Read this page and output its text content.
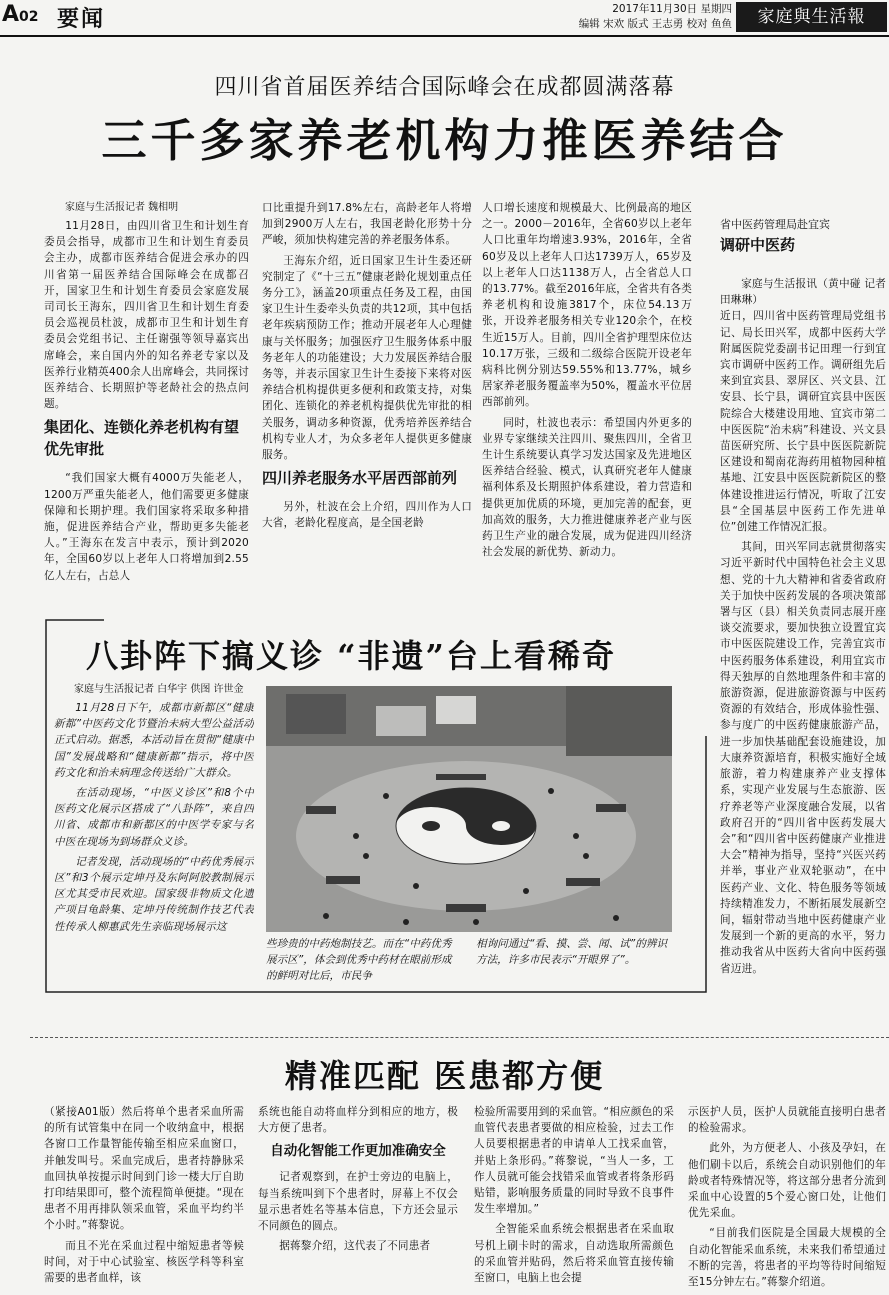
A02 要闻	2017年11月30日 星期四
编辑 宋欢 版式 王志勇 校对 鱼鱼	家庭與生活報
四川省首届医养结合国际峰会在成都圆满落幕
三千多家养老机构力推医养结合

家庭与生活报记者 魏相明

11月28日，由四川省卫生和计划生育委员会指导，成都市卫生和计划生育委员会主办，成都市医养结合促进会承办的四川省第一届医养结合国际峰会在成都召开，国家卫生和计划生育委员会家庭发展司司长王海东，四川省卫生和计划生育委员会巡视员杜波，成都市卫生和计划生育委员会党组书记、主任谢强等领导嘉宾出席峰会，来自国内外的知名养老专家以及医养行业精英400余人出席峰会，共同探讨医养结合、长期照护等老龄社会的热点问题。

集团化、连锁化养老机构有望优先审批

“我们国家大概有4000万失能老人，1200万严重失能老人，他们需要更多健康保障和长期护理。我们国家将采取多种措施，促进医养结合产业，帮助更多失能老人。”王海东在发言中表示，预计到2020年，全国60岁以上老年人口将增加到2.55亿人左右，占总人

口比重提升到17.8%左右，高龄老年人将增加到2900万人左右，我国老龄化形势十分严峻，须加快构建完善的养老服务体系。

王海东介绍，近日国家卫生计生委还研究制定了《“十三五”健康老龄化规划重点任务分工》，涵盖20项重点任务及工程，由国家卫生计生委牵头负责的共12项，其中包括老年疾病预防工作；推动开展老年人心理健康与关怀服务；加强医疗卫生服务体系中服务老年人的功能建设；大力发展医养结合服务等，并表示国家卫生计生委接下来将对医养结合机构提供更多便利和政策支持，对集团化、连锁化的养老机构提供优先审批的相关服务，调动多种资源，优秀培养医养结合机构专业人才，为众多老年人提供更多健康服务。

四川养老服务水平居西部前列

另外，杜波在会上介绍，四川作为人口大省，老龄化程度高，是全国老龄

人口增长速度和规模最大、比例最高的地区之一。2000－2016年，全省60岁以上老年人口比重年均增速3.93%，2016年，全省60岁及以上老年人口达1739万人，65岁及以上老年人口达1138万人，占全省总人口的13.77%。截至2016年底，全省共有各类养老机构和设施3817个，床位54.13万张，开设养老服务相关专业120余个，在校生近15万人。目前，四川全省护理型床位达10.17万张，三级和二级综合医院开设老年病科比例分别达59.55%和13.77%，城乡居家养老服务覆盖率为50%，覆盖水平位居西部前列。

同时，杜波也表示：希望国内外更多的业界专家继续关注四川、聚焦四川，全省卫生计生系统要认真学习发达国家及先进地区医养结合经验、模式，认真研究老年人健康福利体系及长期照护体系建设，着力营造和提供更加优质的环境，更加完善的配套，更加高效的服务，大力推进健康养老产业与医药卫生产业的融合发展，成为促进四川经济社会发展的新优势、新动力。

省中医药管理局赴宜宾
调研中医药

家庭与生活报讯（黄中碰 记者 田琳琳）

近日，四川省中医药管理局党组书记、局长田兴军，成都中医药大学附属医院党委副书记田理一行到宜宾市调研中医药工作。调研组先后来到宜宾县、翠屏区、兴文县、江安县、长宁县，调研宜宾县中医医院综合大楼建设用地、宜宾市第二中医医院“治未病”科建设、兴文县苗医研究所、长宁县中医医院新院区建设和蜀南花海药用植物园种植基地、江安县中医医院新院区的整体建设推进运行情况，听取了江安县“全国基层中医药工作先进单位”创建工作情况汇报。

其间，田兴军同志就贯彻落实习近平新时代中国特色社会主义思想、党的十九大精神和省委省政府关于加快中医药发展的各项决策部署与区（县）相关负责同志展开座谈交流要求，要加快独立设置宜宾市中医医院建设工作，完善宜宾市中医药服务体系建设，利用宜宾市得天独厚的自然地理条件和丰富的旅游资源，促进旅游资源与中医药资源的有效结合，形成体验性强、参与度广的中医药健康旅游产品，进一步加快基础配套设施建设，加大康养资源培育，积极实施好全域旅游，着力构建康养产业支撑体系，实现产业发展与生态旅游、医疗养老等产业深度融合发展，以省政府召开的“四川省中医药发展大会”和“四川省中医药健康产业推进大会”精神为指导，坚持“兴医兴药并举，事业产业双轮驱动”，在中医药产业、文化、特色服务等领域持续精准发力，不断拓展发展新空间，辐射带动当地中医药健康产业发展到一个新的更高的水平，努力推动我省从中医药大省向中医药强省迈进。

八卦阵下搞义诊 “非遗”台上看稀奇

家庭与生活报记者 白华宇 供图 许世金

11月28日下午，成都市新都区“健康新都”中医药文化节暨治未病大型公益活动正式启动。据悉，本活动旨在贯彻“健康中国”发展战略和“健康新都”指示，将中医药文化和治未病理念传送给广大群众。

在活动现场，“中医义诊区”和8个中医药文化展示区搭成了“八卦阵”，来自四川省、成都市和新都区的中医学专家与名中医在现场为到场群众义诊。

记者发现，活动现场的“中药优秀展示区”和3个展示定坤丹及东阿阿胶教制展示区尤其受市民欢迎。国家级非物质文化遗产项目龟龄集、定坤丹传统制作技艺代表性传承人柳惠武先生亲临现场展示这

些珍贵的中药炮制技艺。而在“中药优秀展示区”，体会到优秀中药材在眼前形成的鲜明对比后，市民争
相询问通过“看、摸、尝、闻、试”的辨识方法，许多市民表示“开眼界了”。
精准匹配 医患都方便

（紧接A01版）然后将单个患者采血所需的所有试管集中在同一个收纳盒中，根据各窗口工作量智能传输至相应采血窗口，并触发叫号。采血完成后，患者持静脉采血回执单按提示时间到门诊一楼大厅自助打印结果即可，整个流程简单便捷。“现在患者不用再排队领采血管，采血平均约半个小时。”蒋黎说。

而且不光在采血过程中缩短患者等候时间，对于中心试验室、核医学科等科室需要的患者血样，该

系统也能自动将血样分到相应的地方，极大方便了患者。

自动化智能工作更加准确安全

记者观察到，在护士旁边的电脑上，每当系统叫到下个患者时，屏幕上不仅会显示患者姓名等基本信息，下方还会显示不同颜色的圆点。

据蒋黎介绍，这代表了不同患者

检验所需要用到的采血管。“相应颜色的采血管代表患者要做的相应检验，过去工作人员要根据患者的申请单人工找采血管，并贴上条形码。”蒋黎说，“当人一多，工作人员就可能会找错采血管或者将条形码贴错，影响服务质量的同时导致不良事件发生率增加。”

全智能采血系统会根据患者在采血取号机上刷卡时的需求，自动选取所需颜色的采血管并贴码，然后将采血管直接传输至窗口，电脑上也会提

示医护人员，医护人员就能直接明白患者的检验需求。

此外，为方便老人、小孩及孕妇，在他们刷卡以后，系统会自动识别他们的年龄或者特殊情况等，将这部分患者分流到采血中心设置的5个爱心窗口处，让他们优先采血。

“目前我们医院是全国最大规模的全自动化智能采血系统，未来我们希望通过不断的完善，将患者的平均等待时间缩短至15分钟左右。”蒋黎介绍道。
